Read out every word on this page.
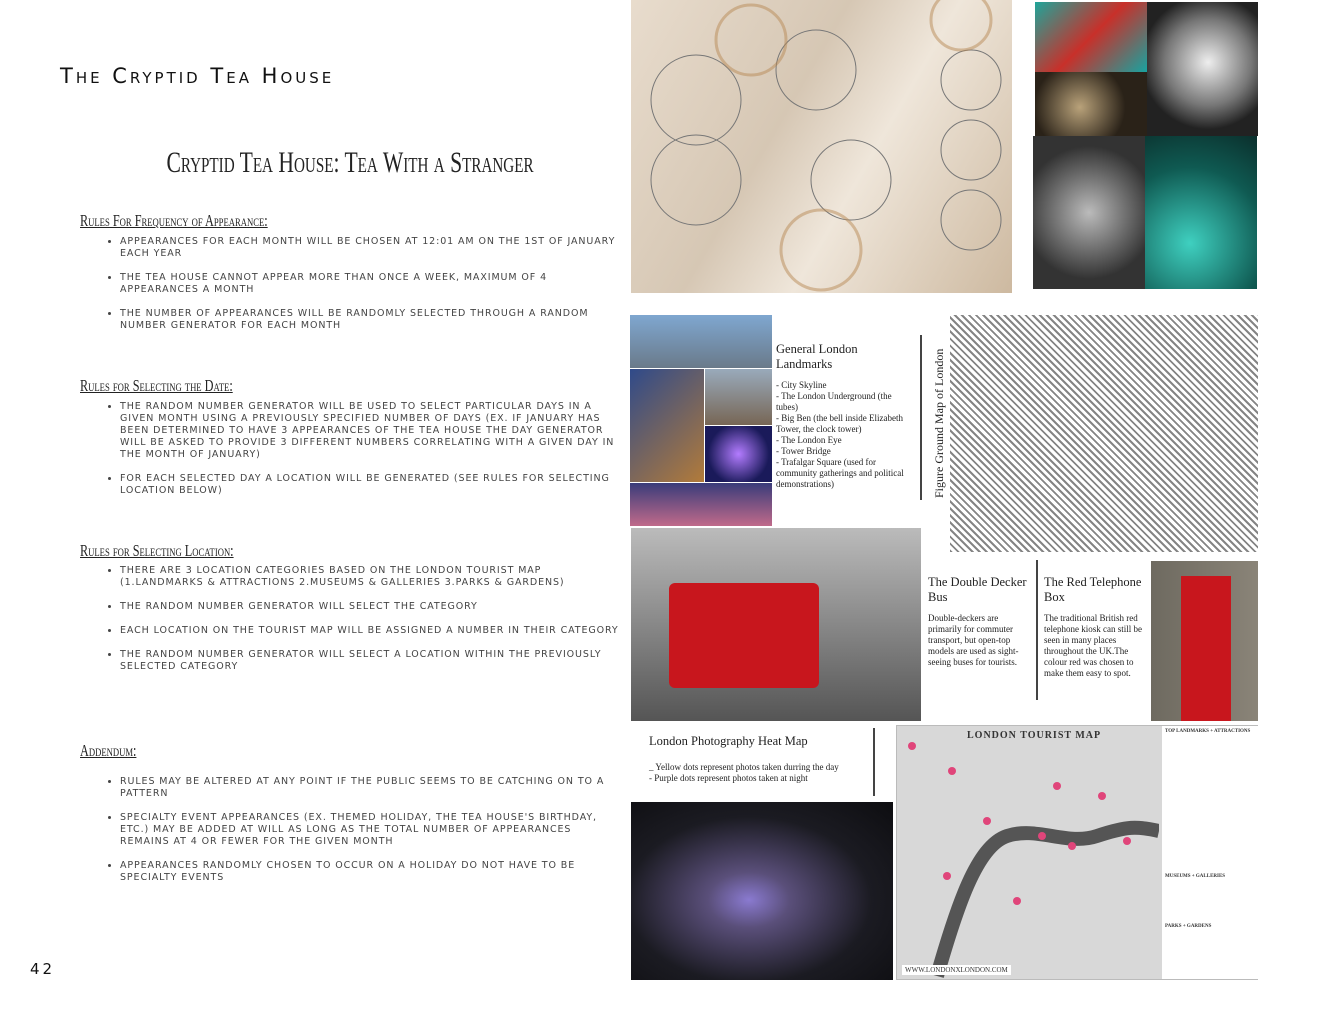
The Cryptid Tea House
Cryptid Tea House: Tea With a Stranger
Rules For Frequency of Appearance:
• APPEARANCES FOR EACH MONTH WILL BE CHOSEN AT 12:01 AM ON THE 1ST OF JANUARY EACH YEAR
• THE TEA HOUSE CANNOT APPEAR MORE THAN ONCE A WEEK, MAXIMUM OF 4 APPEARANCES A MONTH
• THE NUMBER OF APPEARANCES WILL BE RANDOMLY SELECTED THROUGH A RANDOM NUMBER GENERATOR FOR EACH MONTH
Rules for Selecting the Date:
• THE RANDOM NUMBER GENERATOR WILL BE USED TO SELECT PARTICULAR DAYS IN A GIVEN MONTH USING A PREVIOUSLY SPECIFIED NUMBER OF DAYS (EX. IF JANUARY HAS BEEN DETERMINED TO HAVE 3 APPEARANCES OF THE TEA HOUSE THE DAY GENERATOR WILL BE ASKED TO PROVIDE 3 DIFFERENT NUMBERS CORRELATING WITH A GIVEN DAY IN THE MONTH OF JANUARY)
• FOR EACH SELECTED DAY A LOCATION WILL BE GENERATED (SEE RULES FOR SELECTING LOCATION BELOW)
Rules for Selecting Location:
• THERE ARE 3 LOCATION CATEGORIES BASED ON THE LONDON TOURIST MAP (1.LANDMARKS & ATTRACTIONS 2.MUSEUMS & GALLERIES 3.PARKS & GARDENS)
• THE RANDOM NUMBER GENERATOR WILL SELECT THE CATEGORY
• EACH LOCATION ON THE TOURIST MAP WILL BE ASSIGNED A NUMBER IN THEIR CATEGORY
• THE RANDOM NUMBER GENERATOR WILL SELECT A LOCATION WITHIN THE PREVIOUSLY SELECTED CATEGORY
Addendum:
• RULES MAY BE ALTERED AT ANY POINT IF THE PUBLIC SEEMS TO BE CATCHING ON TO A PATTERN
• SPECIALTY EVENT APPEARANCES (EX. THEMED HOLIDAY, THE TEA HOUSE'S BIRTHDAY, ETC.) MAY BE ADDED AT WILL AS LONG AS THE TOTAL NUMBER OF APPEARANCES REMAINS AT 4 OR FEWER FOR THE GIVEN MONTH
• APPEARANCES RANDOMLY CHOSEN TO OCCUR ON A HOLIDAY DO NOT HAVE TO BE SPECIALTY EVENTS
42
General London Landmarks
- City Skyline
- The London Underground (the tubes)
- Big Ben (the bell inside Elizabeth Tower, the clock tower)
- The London Eye
- Tower Bridge
- Trafalgar Square (used for community gatherings and political demonstrations)	Figure Ground Map of London
The Double Decker Bus
Double-deckers are primarily for commuter transport, but open-top models are used as sight-seeing buses for tourists.
The Red Telephone Box
The traditional British red telephone kiosk can still be seen in many places throughout the UK.The colour red was chosen to make them easy to spot.
London Photography Heat Map
_ Yellow dots represent photos taken durring the day
- Purple dots represent photos taken at night
LONDON TOURIST MAP
WWW.LONDONXLONDON.COM
TOP LANDMARKS + ATTRACTIONS
MUSEUMS + GALLERIES
PARKS + GARDENS
